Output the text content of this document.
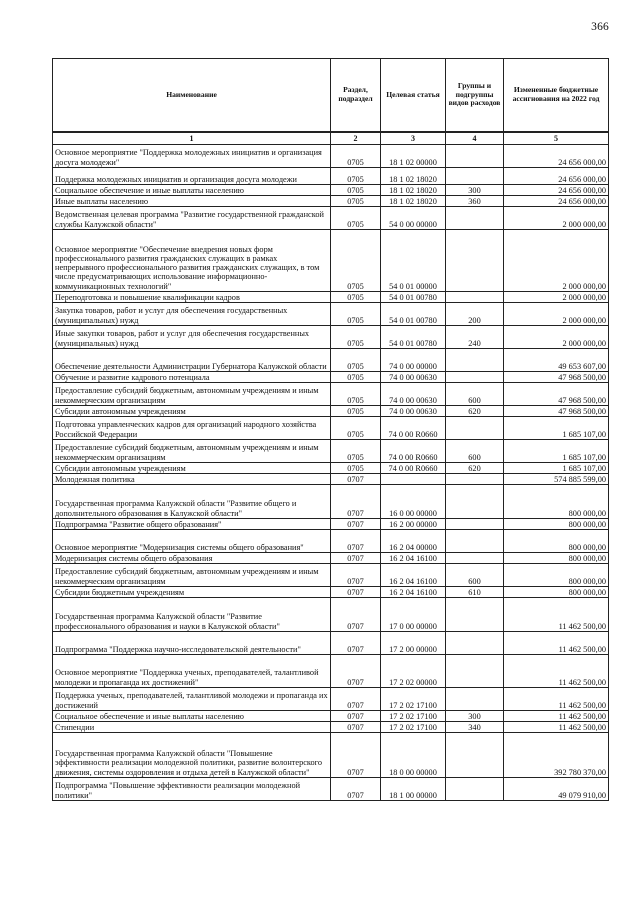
366
Наименование	Раздел, подраздел	Целевая статья	Группы и подгруппы видов расходов	Измененные бюджетные ассигнования на 2022 год
1	2	3	4	5
Основное мероприятие "Поддержка молодежных инициатив и организация досуга молодежи"	0705	18 1 02 00000		24 656 000,00
Поддержка молодежных инициатив и организация досуга молодежи	0705	18 1 02 18020		24 656 000,00
Социальное обеспечение и иные выплаты населению	0705	18 1 02 18020	300	24 656 000,00
Иные выплаты населению	0705	18 1 02 18020	360	24 656 000,00
Ведомственная целевая программа "Развитие государственной гражданской службы Калужской области"	0705	54 0 00 00000		2 000 000,00
Основное мероприятие "Обеспечение внедрения новых форм профессионального развития гражданских служащих в рамках непрерывного профессионального развития гражданских служащих, в том числе предусматривающих использование информационно-коммуникационных технологий"	0705	54 0 01 00000		2 000 000,00
Переподготовка и повышение квалификации кадров	0705	54 0 01 00780		2 000 000,00
Закупка товаров, работ и услуг для обеспечения государственных (муниципальных) нужд	0705	54 0 01 00780	200	2 000 000,00
Иные закупки товаров, работ и услуг для обеспечения государственных (муниципальных) нужд	0705	54 0 01 00780	240	2 000 000,00
Обеспечение деятельности Администрации Губернатора Калужской области	0705	74 0 00 00000		49 653 607,00
Обучение и развитие кадрового потенциала	0705	74 0 00 00630		47 968 500,00
Предоставление субсидий бюджетным, автономным учреждениям и иным некоммерческим организациям	0705	74 0 00 00630	600	47 968 500,00
Субсидии автономным учреждениям	0705	74 0 00 00630	620	47 968 500,00
Подготовка управленческих кадров для организаций народного хозяйства Российской Федерации	0705	74 0 00 R0660		1 685 107,00
Предоставление субсидий бюджетным, автономным учреждениям и иным некоммерческим организациям	0705	74 0 00 R0660	600	1 685 107,00
Субсидии автономным учреждениям	0705	74 0 00 R0660	620	1 685 107,00
Молодежная политика	0707			574 885 599,00
Государственная программа Калужской области "Развитие общего и дополнительного образования в Калужской области"	0707	16 0 00 00000		800 000,00
Подпрограмма "Развитие общего образования"	0707	16 2 00 00000		800 000,00
Основное мероприятие "Модернизация системы общего образования"	0707	16 2 04 00000		800 000,00
Модернизация системы общего образования	0707	16 2 04 16100		800 000,00
Предоставление субсидий бюджетным, автономным учреждениям и иным некоммерческим организациям	0707	16 2 04 16100	600	800 000,00
Субсидии бюджетным учреждениям	0707	16 2 04 16100	610	800 000,00
Государственная программа Калужской области "Развитие профессионального образования и науки в Калужской области"	0707	17 0 00 00000		11 462 500,00
Подпрограмма "Поддержка научно-исследовательской деятельности"	0707	17 2 00 00000		11 462 500,00
Основное мероприятие "Поддержка ученых, преподавателей, талантливой молодежи и пропаганда их достижений"	0707	17 2 02 00000		11 462 500,00
Поддержка ученых, преподавателей, талантливой молодежи и пропаганда их достижений	0707	17 2 02 17100		11 462 500,00
Социальное обеспечение и иные выплаты населению	0707	17 2 02 17100	300	11 462 500,00
Стипендии	0707	17 2 02 17100	340	11 462 500,00
Государственная программа Калужской области "Повышение эффективности реализации молодежной политики, развитие волонтерского движения, системы оздоровления и отдыха детей в Калужской области"	0707	18 0 00 00000		392 780 370,00
Подпрограмма "Повышение эффективности реализации молодежной политики"	0707	18 1 00 00000		49 079 910,00
